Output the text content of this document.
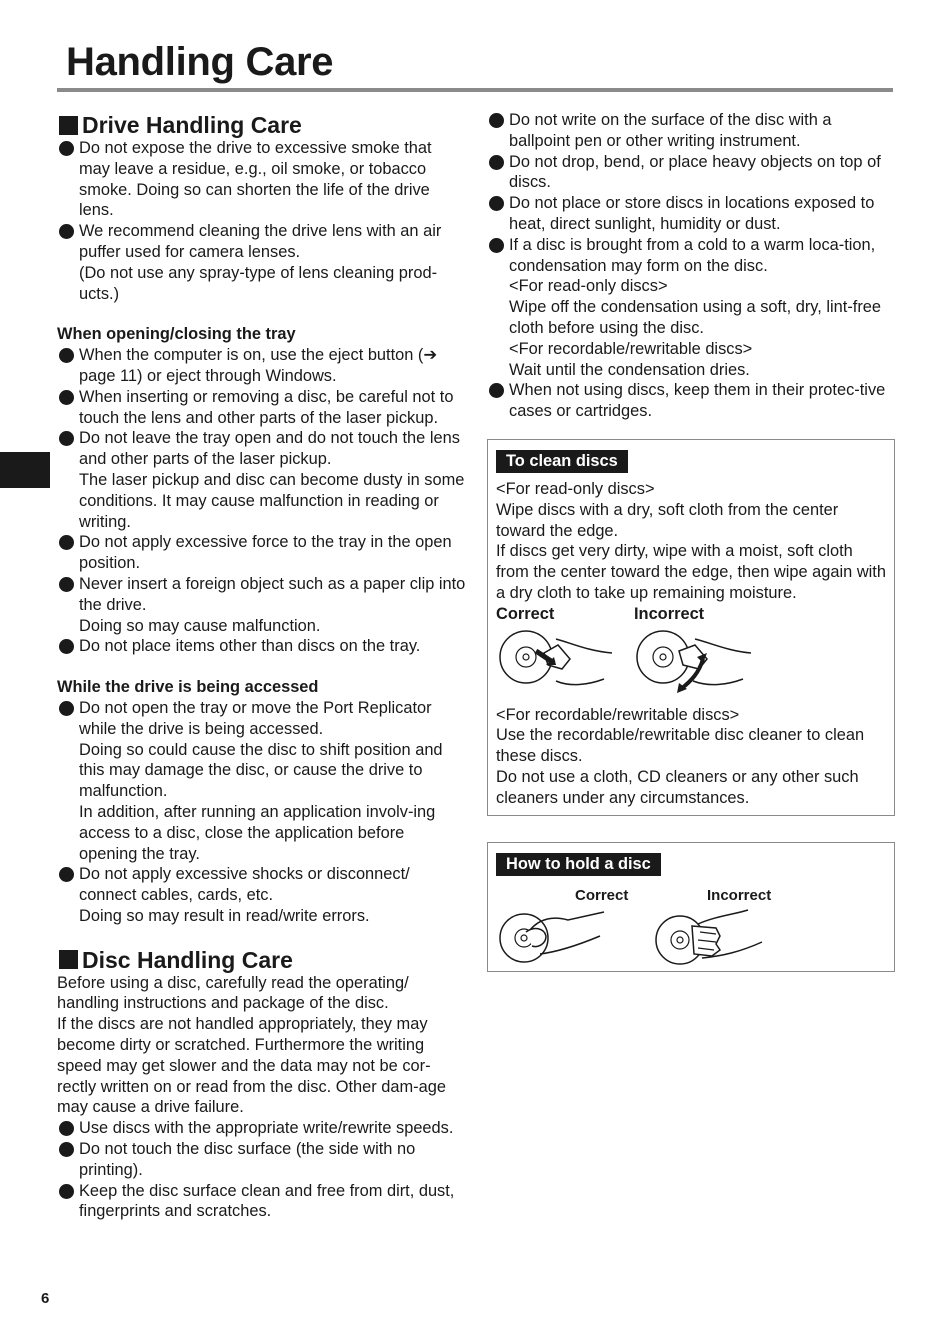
Handling Care
Drive Handling Care
Do not expose the drive to excessive smoke that may leave a residue, e.g., oil smoke, or tobacco smoke. Doing so can shorten the life of the drive lens.

We recommend cleaning the drive lens with an air puffer used for camera lenses.

(Do not use any spray-type of lens cleaning prod-ucts.)

When opening/closing the tray
When the computer is on, use the eject button (➔ page 11) or eject through Windows.
When inserting or removing a disc, be careful not to touch the lens and other parts of the laser pickup.

Do not leave the tray open and do not touch the lens and other parts of the laser pickup.

The laser pickup and disc can become dusty in some conditions. It may cause malfunction in reading or writing.

Do not apply excessive force to the tray in the open position.

Never insert a foreign object such as a paper clip into the drive.

Doing so may cause malfunction.

Do not place items other than discs on the tray.
While the drive is being accessed

Do not open the tray or move the Port Replicator while the drive is being accessed.

Doing so could cause the disc to shift position and this may damage the disc, or cause the drive to malfunction.

In addition, after running an application involv-ing access to a disc, close the application before opening the tray.

Do not apply excessive shocks or disconnect/ connect cables, cards, etc.

Doing so may result in read/write errors.

Disc Handling Care

Before using a disc, carefully read the operating/ handling instructions and package of the disc.

If the discs are not handled appropriately, they may become dirty or scratched. Furthermore the writing speed may get slower and the data may not be cor-rectly written on or read from the disc. Other dam-age may cause a drive failure.

Use discs with the appropriate write/rewrite speeds.
Do not touch the disc surface (the side with no printing).
Keep the disc surface clean and free from dirt, dust, fingerprints and scratches.
Do not write on the surface of the disc with a ballpoint pen or other writing instrument.
Do not drop, bend, or place heavy objects on top of discs.
Do not place or store discs in locations exposed to heat, direct sunlight, humidity or dust.

If a disc is brought from a cold to a warm loca-tion, condensation may form on the disc.

<For read-only discs>

Wipe off the condensation using a soft, dry, lint-free cloth before using the disc.

<For recordable/rewritable discs>

Wait until the condensation dries.

When not using discs, keep them in their protec-tive cases or cartridges.
To clean discs

<For read-only discs>

Wipe discs with a dry, soft cloth from the center toward the edge.

If discs get very dirty, wipe with a moist, soft cloth from the center toward the edge, then wipe again with a dry cloth to take up remaining moisture.

Correct	Incorrect

<For recordable/rewritable discs>

Use the recordable/rewritable disc cleaner to clean these discs.

Do not use a cloth, CD cleaners or any other such cleaners under any circumstances.

How to hold a disc
Correct	Incorrect
6
